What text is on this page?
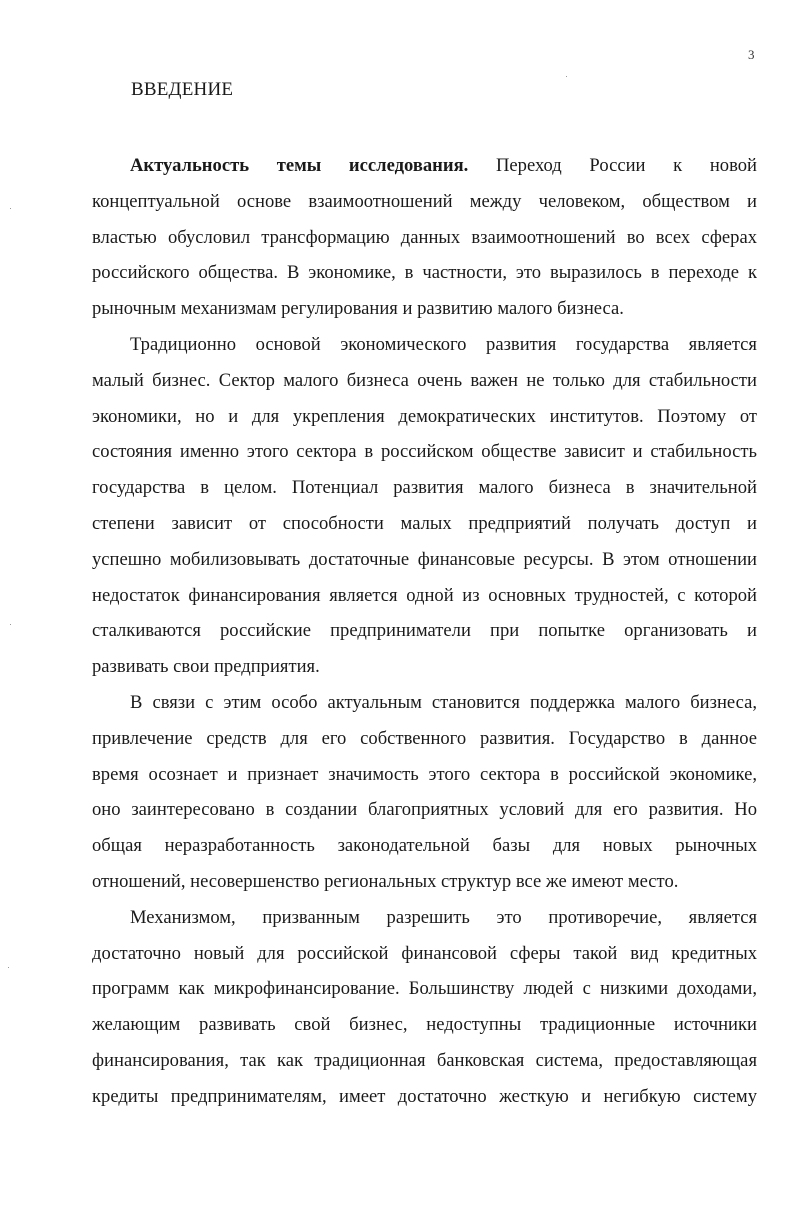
3
ВВЕДЕНИЕ
Актуальность темы исследования. Переход России к новой
концептуальной основе взаимоотношений между человеком, обществом и
властью обусловил трансформацию данных взаимоотношений во всех сферах
российского общества. В экономике, в частности, это выразилось в переходе к
рыночным механизмам регулирования и развитию малого бизнеса.
Традиционно основой экономического развития государства является
малый бизнес. Сектор малого бизнеса очень важен не только для стабильности
экономики, но и для укрепления демократических институтов. Поэтому от
состояния именно этого сектора в российском обществе зависит и стабильность
государства в целом. Потенциал развития малого бизнеса в значительной
степени зависит от способности малых предприятий получать доступ и
успешно мобилизовывать достаточные финансовые ресурсы. В этом отношении
недостаток финансирования является одной из основных трудностей, с которой
сталкиваются российские предприниматели при попытке организовать и
развивать свои предприятия.
В связи с этим особо актуальным становится поддержка малого бизнеса,
привлечение средств для его собственного развития. Государство в данное
время осознает и признает значимость этого сектора в российской экономике,
оно заинтересовано в создании благоприятных условий для его развития. Но
общая неразработанность законодательной базы для новых рыночных
отношений, несовершенство региональных структур все же имеют место.
Механизмом, призванным разрешить это противоречие, является
достаточно новый для российской финансовой сферы такой вид кредитных
программ как микрофинансирование. Большинству людей с низкими доходами,
желающим развивать свой бизнес, недоступны традиционные источники
финансирования, так как традиционная банковская система, предоставляющая
кредиты предпринимателям, имеет достаточно жесткую и негибкую систему
